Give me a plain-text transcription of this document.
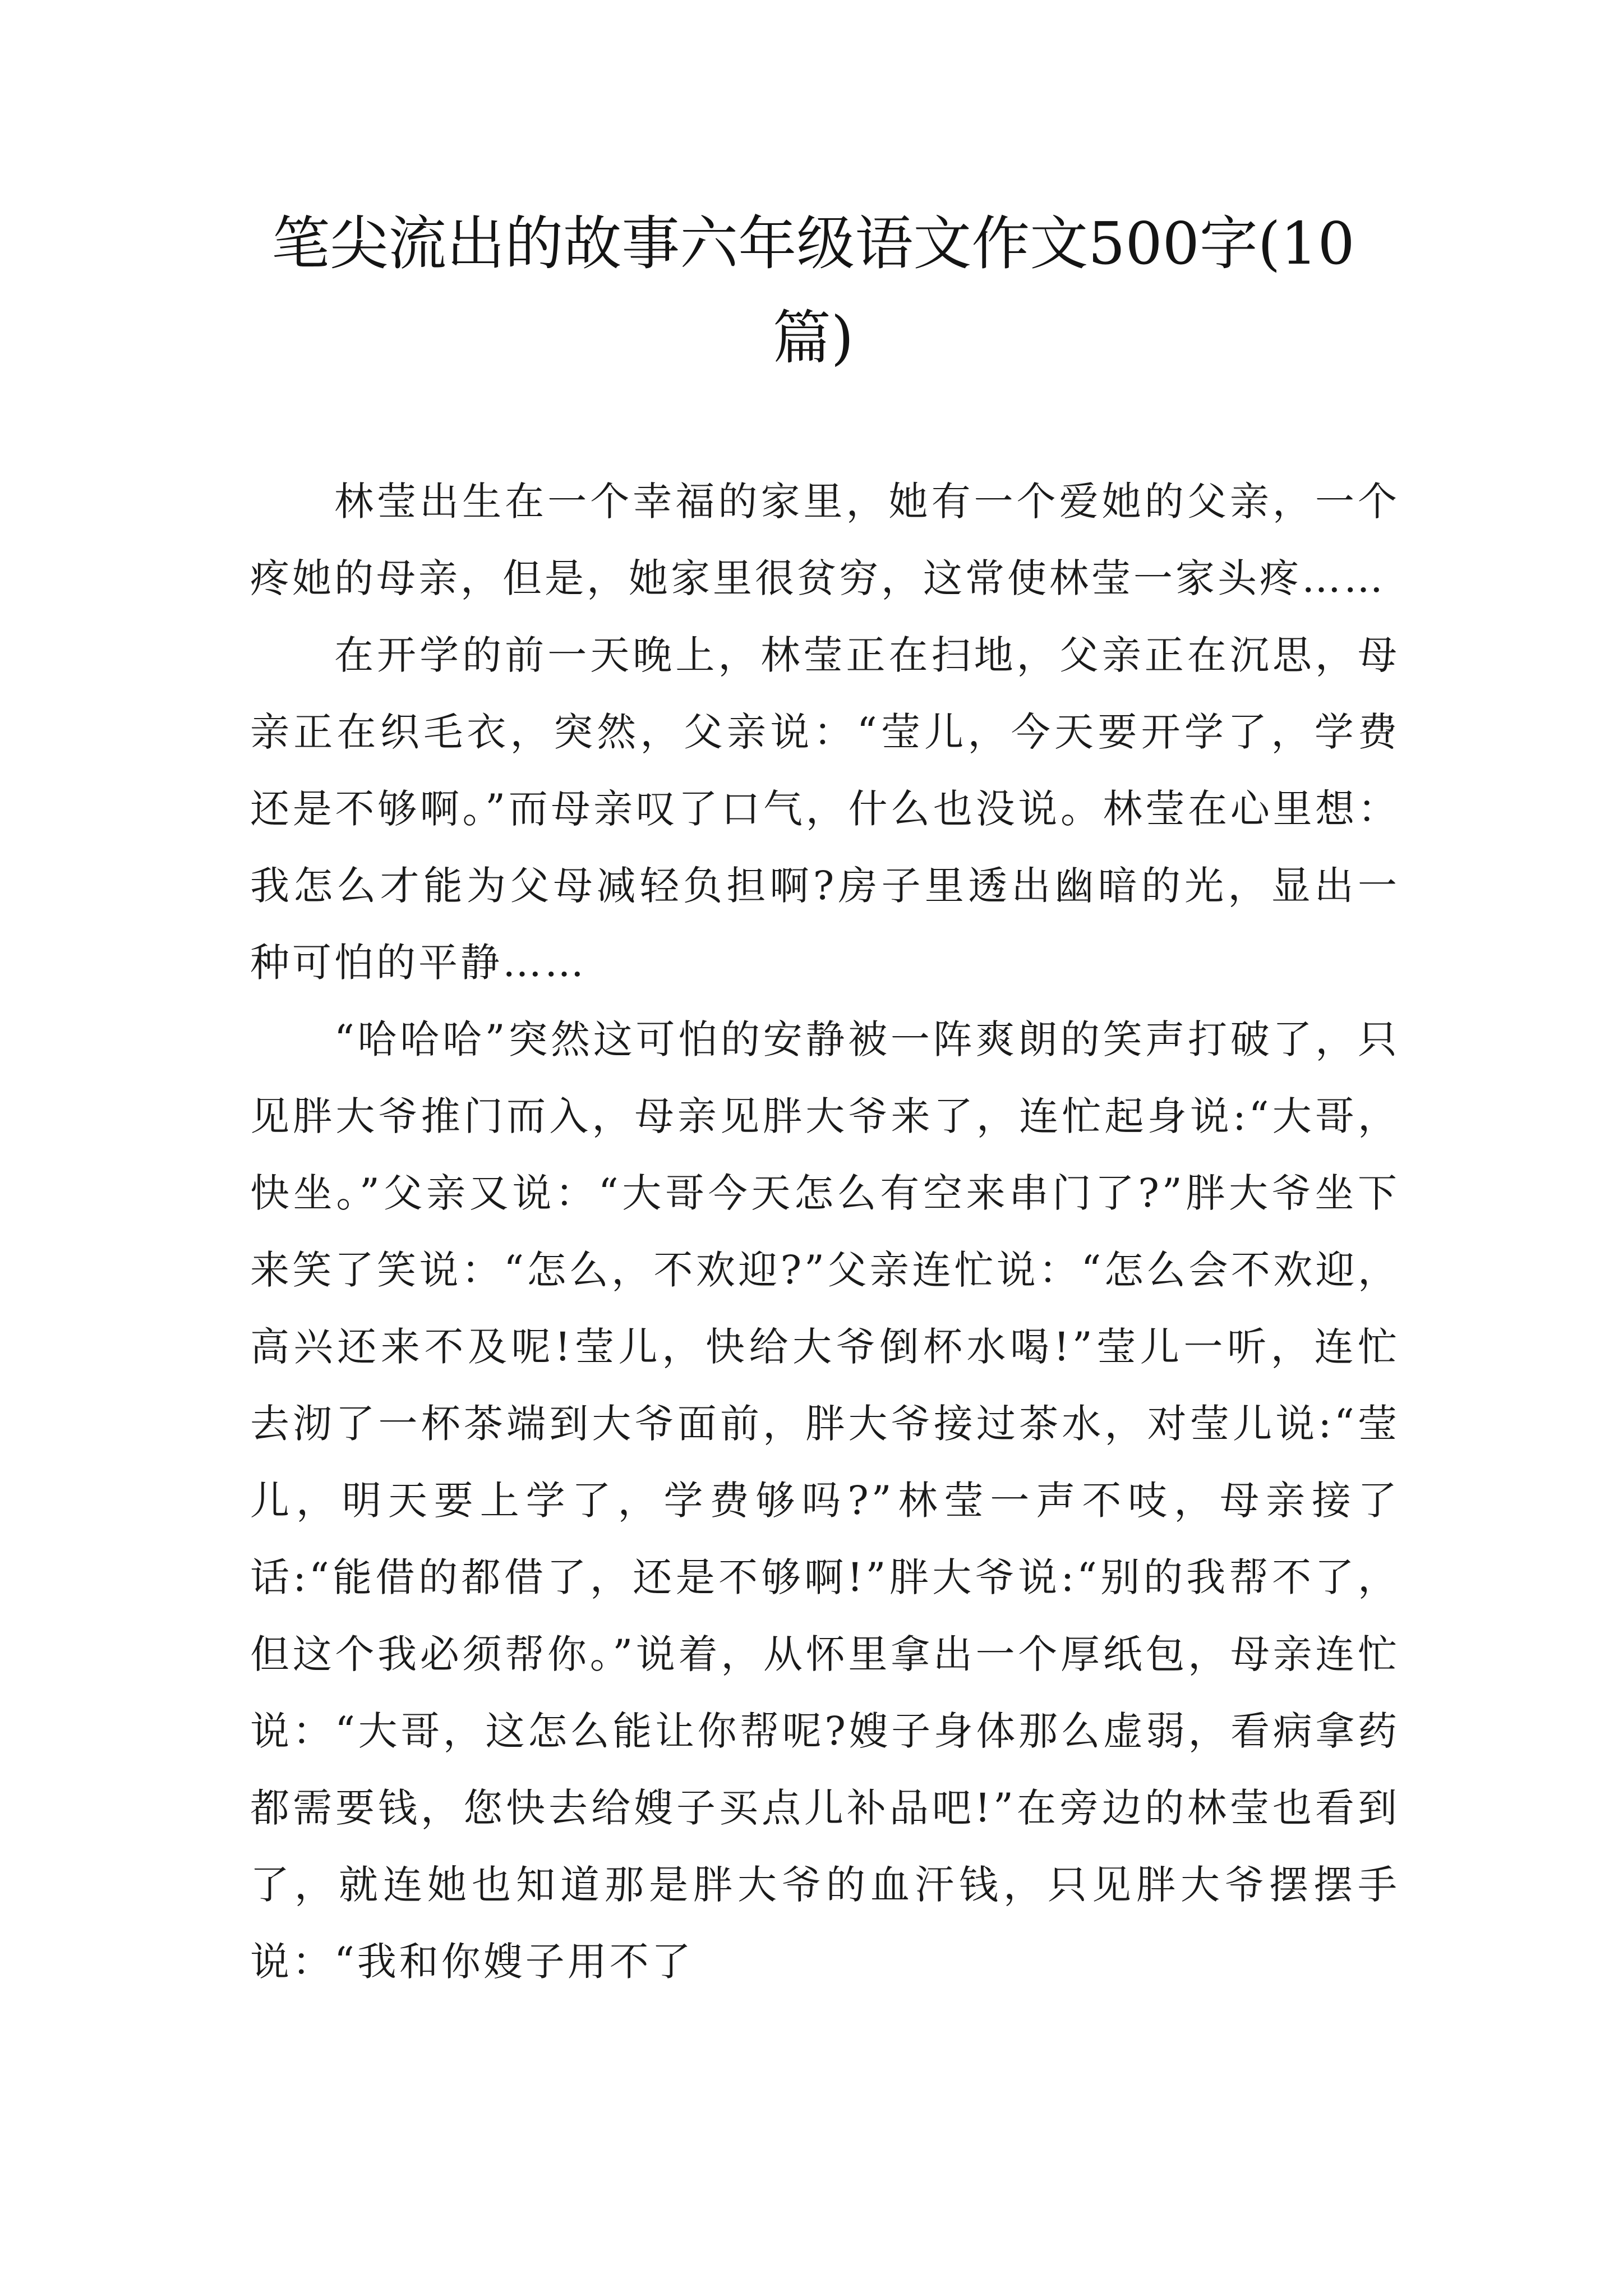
笔尖流出的故事六年级语文作文500字(10篇)

林莹出生在一个幸福的家里，她有一个爱她的父亲，一个疼她的母亲，但是，她家里很贫穷，这常使林莹一家头疼……

在开学的前一天晚上，林莹正在扫地，父亲正在沉思，母亲正在织毛衣，突然，父亲说：“莹儿，今天要开学了，学费还是不够啊。”而母亲叹了口气，什么也没说。林莹在心里想：我怎么才能为父母减轻负担啊?房子里透出幽暗的光，显出一种可怕的平静……

“哈哈哈”突然这可怕的安静被一阵爽朗的笑声打破了，只见胖大爷推门而入，母亲见胖大爷来了，连忙起身说:“大哥，快坐。”父亲又说：“大哥今天怎么有空来串门了?”胖大爷坐下来笑了笑说：“怎么，不欢迎?”父亲连忙说：“怎么会不欢迎，高兴还来不及呢!莹儿，快给大爷倒杯水喝!”莹儿一听，连忙去沏了一杯茶端到大爷面前，胖大爷接过茶水，对莹儿说:“莹儿，明天要上学了，学费够吗?”林莹一声不吱，母亲接了话:“能借的都借了，还是不够啊!”胖大爷说:“别的我帮不了，但这个我必须帮你。”说着，从怀里拿出一个厚纸包，母亲连忙说：“大哥，这怎么能让你帮呢?嫂子身体那么虚弱，看病拿药都需要钱，您快去给嫂子买点儿补品吧!”在旁边的林莹也看到了，就连她也知道那是胖大爷的血汗钱，只见胖大爷摆摆手说：“我和你嫂子用不了
